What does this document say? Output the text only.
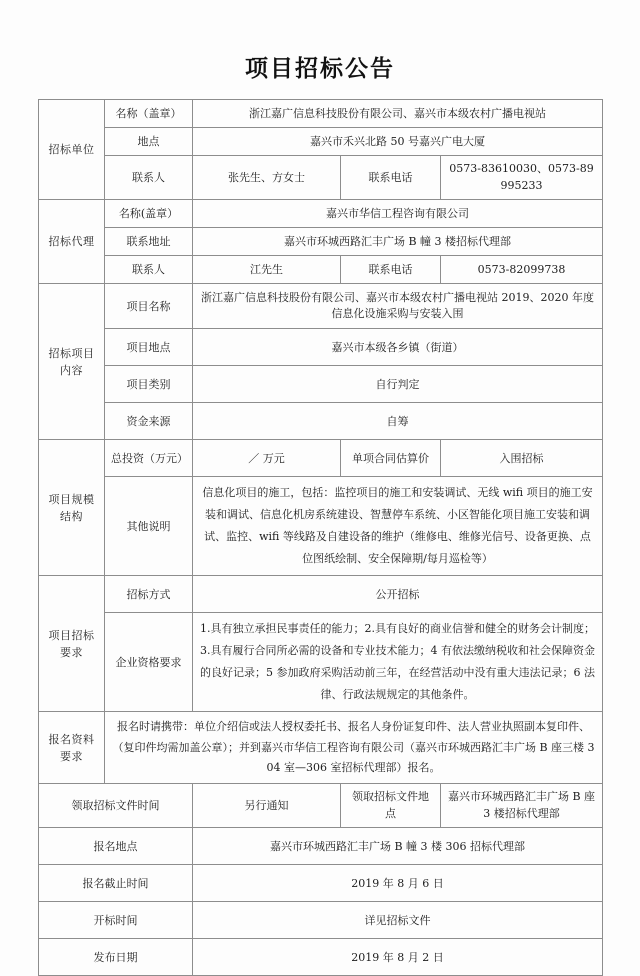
项目招标公告
招标单位	名称（盖章）	浙江嘉广信息科技股份有限公司、嘉兴市本级农村广播电视站		
	地点	嘉兴市禾兴北路 50 号嘉兴广电大厦		
	联系人	张先生、方女士	联系电话	0573-83610030、0573-89995233
招标代理	名称(盖章）	嘉兴市华信工程咨询有限公司		
	联系地址	嘉兴市环城西路汇丰广场 B 幢 3 楼招标代理部		
	联系人	江先生	联系电话	0573-82099738
招标项目内容	项目名称	浙江嘉广信息科技股份有限公司、嘉兴市本级农村广播电视站 2019、2020 年度信息化设施采购与安装入围		
	项目地点	嘉兴市本级各乡镇（街道）		
	项目类别	自行判定		
	资金来源	自筹		
项目规模结构	总投资（万元）	／ 万元	单项合同估算价	入围招标
	其他说明	信息化项目的施工，包括：监控项目的施工和安装调试、无线 wifi 项目的施工安装和调试、信息化机房系统建设、智慧停车系统、小区智能化项目施工安装和调试、监控、wifi 等线路及自建设备的维护（维修电、维修光信号、设备更换、点位图纸绘制、安全保障期/每月巡检等）		
项目招标要求	招标方式	公开招标		
	企业资格要求	1.具有独立承担民事责任的能力；2.具有良好的商业信誉和健全的财务会计制度；3.具有履行合同所必需的设备和专业技术能力；4 有依法缴纳税收和社会保障资金的良好记录；5 参加政府采购活动前三年，在经营活动中没有重大违法记录；6 法律、行政法规规定的其他条件。		
报名资料要求	报名时请携带：单位介绍信或法人授权委托书、报名人身份证复印件、法人营业执照副本复印件、（复印件均需加盖公章）；并到嘉兴市华信工程咨询有限公司（嘉兴市环城西路汇丰广场 B 座三楼 304 室—306 室招标代理部）报名。			
领取招标文件时间		另行通知	领取招标文件地点	嘉兴市环城西路汇丰广场 B 座 3 楼招标代理部
报名地点		嘉兴市环城西路汇丰广场 B 幢 3 楼 306 招标代理部		
报名截止时间		2019 年 8 月 6 日		
开标时间		详见招标文件		
发布日期		2019 年 8 月 2 日		
